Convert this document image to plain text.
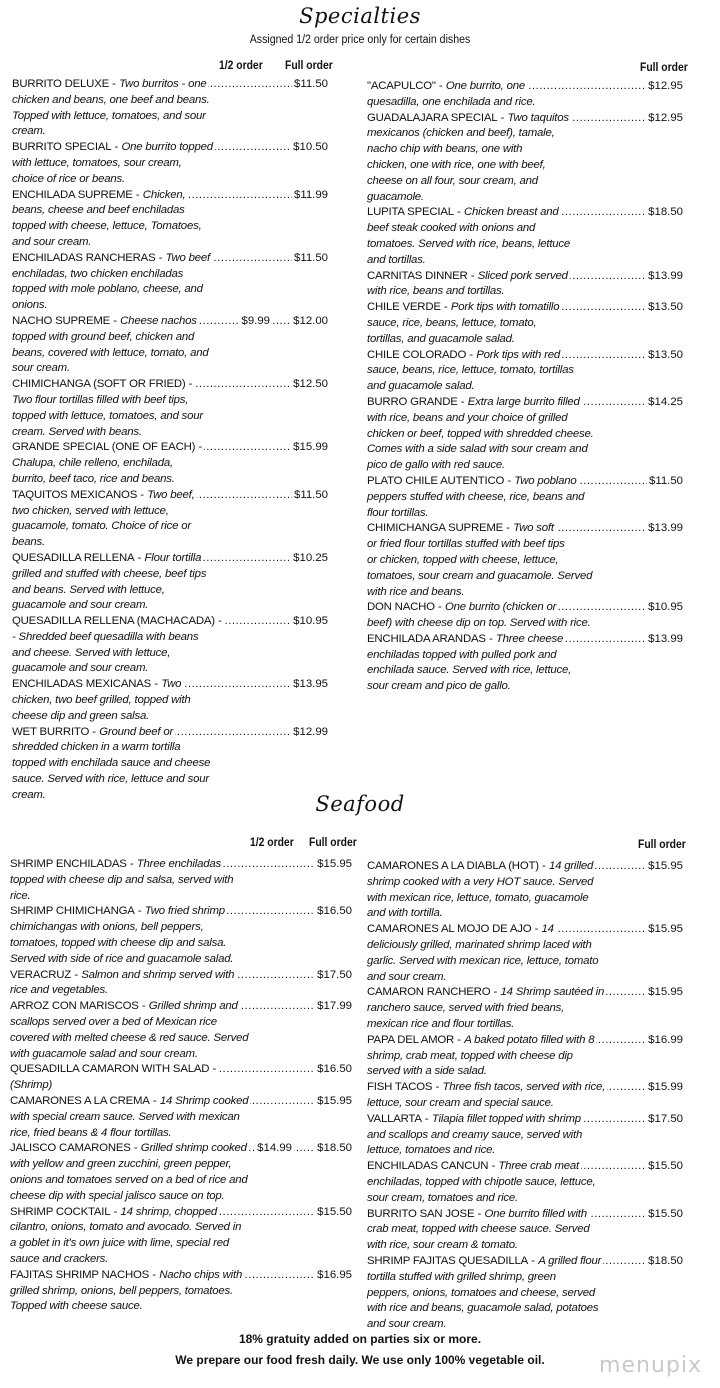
Specialties
Assigned 1/2 order price only for certain dishes
1/2 order Full order	Full order
.....
BURRITO DELUXE - Two burritos - one	$11.50
chicken and beans, one beef and beans.
Topped with lettuce, tomatoes, and sour
cream.
.....
BURRITO SPECIAL - One burrito topped	$10.50
with lettuce, tomatoes, sour cream,
choice of rice or beans.
.....
ENCHILADA SUPREME - Chicken,	$11.99
beans, cheese and beef enchiladas
topped with cheese, lettuce, Tomatoes,
and sour cream.
.....
ENCHILADAS RANCHERAS - Two beef	$11.50
enchiladas, two chicken enchiladas
topped with mole poblano, cheese, and
onions.
.....
NACHO SUPREME - Cheese nachos	$9.99 $12.00
topped with ground beef, chicken and
beans, covered with lettuce, tomato, and
sour cream.
.....
CHIMICHANGA (SOFT OR FRIED) -	$12.50
Two flour tortillas filled with beef tips,
topped with lettuce, tomatoes, and sour
cream. Served with beans.
.....
GRANDE SPECIAL (ONE OF EACH) -	$15.99
Chalupa, chile relleno, enchilada,
burrito, beef taco, rice and beans.
.....
TAQUITOS MEXICANOS - Two beef,	$11.50
two chicken, served with lettuce,
guacamole, tomato. Choice of rice or
beans.
.....
QUESADILLA RELLENA - Flour tortilla	$10.25
grilled and stuffed with cheese, beef tips
and beans. Served with lettuce,
guacamole and sour cream.
.....
QUESADILLA RELLENA (MACHACADA) -	$10.95
- Shredded beef quesadilla with beans
and cheese. Served with lettuce,
guacamole and sour cream.
.....
ENCHILADAS MEXICANAS - Two	$13.95
chicken, two beef grilled, topped with
cheese dip and green salsa.
.....
WET BURRITO - Ground beef or	$12.99
shredded chicken in a warm tortilla
topped with enchilada sauce and cheese
sauce. Served with rice, lettuce and sour
cream.
.....
"ACAPULCO" - One burrito, one	$12.95
quesadilla, one enchilada and rice.
.....
GUADALAJARA SPECIAL - Two taquitos	$12.95
mexicanos (chicken and beef), tamale,
nacho chip with beans, one with
chicken, one with rice, one with beef,
cheese on all four, sour cream, and
guacamole.
.....
LUPITA SPECIAL - Chicken breast and	$18.50
beef steak cooked with onions and
tomatoes. Served with rice, beans, lettuce
and tortillas.
.....
CARNITAS DINNER - Sliced pork served	$13.99
with rice, beans and tortillas.
.....
CHILE VERDE - Pork tips with tomatillo	$13.50
sauce, rice, beans, lettuce, tomato,
tortillas, and guacamole salad.
.....
CHILE COLORADO - Pork tips with red	$13.50
sauce, beans, rice, lettuce, tomato, tortillas
and guacamole salad.
.....
BURRO GRANDE - Extra large burrito filled	$14.25
with rice, beans and your choice of grilled
chicken or beef, topped with shredded cheese.
Comes with a side salad with sour cream and
pico de gallo with red sauce.
.....
PLATO CHILE AUTENTICO - Two poblano	$11.50
peppers stuffed with cheese, rice, beans and
flour tortillas.
.....
CHIMICHANGA SUPREME - Two soft	$13.99
or fried flour tortillas stuffed with beef tips
or chicken, topped with cheese, lettuce,
tomatoes, sour cream and guacamole. Served
with rice and beans.
.....
DON NACHO - One burrito (chicken or	$10.95
beef) with cheese dip on top. Served with rice.
.....
ENCHILADA ARANDAS - Three cheese	$13.99
enchiladas topped with pulled pork and
enchilada sauce. Served with rice, lettuce,
sour cream and pico de gallo.
Seafood
1/2 order Full order	Full order
.....
SHRIMP ENCHILADAS - Three enchiladas	$15.95
topped with cheese dip and salsa, served with
rice.
.....
SHRIMP CHIMICHANGA - Two fried shrimp	$16.50
chimichangas with onions, bell peppers,
tomatoes, topped with cheese dip and salsa.
Served with side of rice and guacamole salad.
.....
VERACRUZ - Salmon and shrimp served with	$17.50
rice and vegetables.
.....
ARROZ CON MARISCOS - Grilled shrimp and	$17.99
scallops served over a bed of Mexican rice
covered with melted cheese & red sauce. Served
with guacamole salad and sour cream.
.....
QUESADILLA CAMARON WITH SALAD -	$16.50
(Shrimp)
.....
CAMARONES A LA CREMA - 14 Shrimp cooked	$15.95
with special cream sauce. Served with mexican
rice, fried beans & 4 flour tortillas.
.....
JALISCO CAMARONES - Grilled shrimp cooked $14.99 $18.50
with yellow and green zucchini, green pepper,
onions and tomatoes served on a bed of rice and
cheese dip with special jalisco sauce on top.
.....
SHRIMP COCKTAIL - 14 shrimp, chopped	$15.50
cilantro, onions, tomato and avocado. Served in
a goblet in it's own juice with lime, special red
sauce and crackers.
.....
FAJITAS SHRIMP NACHOS - Nacho chips with	$16.95
grilled shrimp, onions, bell peppers, tomatoes.
Topped with cheese sauce.
.....
CAMARONES A LA DIABLA (HOT) - 14 grilled	$15.95
shrimp cooked with a very HOT sauce. Served
with mexican rice, lettuce, tomato, guacamole
and with tortilla.
.....
CAMARONES AL MOJO DE AJO - 14	$15.95
deliciously grilled, marinated shrimp laced with
garlic. Served with mexican rice, lettuce, tomato
and sour cream.
.....
CAMARON RANCHERO - 14 Shrimp sautéed in	$15.95
ranchero sauce, served with fried beans,
mexican rice and flour tortillas.
.....
PAPA DEL AMOR - A baked potato filled with 8	$16.99
shrimp, crab meat, topped with cheese dip
served with a side salad.
.....
FISH TACOS - Three fish tacos, served with rice,	$15.99
lettuce, sour cream and special sauce.
.....
VALLARTA - Tilapia fillet topped with shrimp	$17.50
and scallops and creamy sauce, served with
lettuce, tomatoes and rice.
.....
ENCHILADAS CANCUN - Three crab meat	$15.50
enchiladas, topped with chipotle sauce, lettuce,
sour cream, tomatoes and rice.
.....
BURRITO SAN JOSE - One burrito filled with	$15.50
crab meat, topped with cheese sauce. Served
with rice, sour cream & tomato.
.....
SHRIMP FAJITAS QUESADILLA - A grilled flour	$18.50
tortilla stuffed with grilled shrimp, green
peppers, onions, tomatoes and cheese, served
with rice and beans, guacamole salad, potatoes
and sour cream.
18% gratuity added on parties six or more.
We prepare our food fresh daily. We use only 100% vegetable oil.	menupix
